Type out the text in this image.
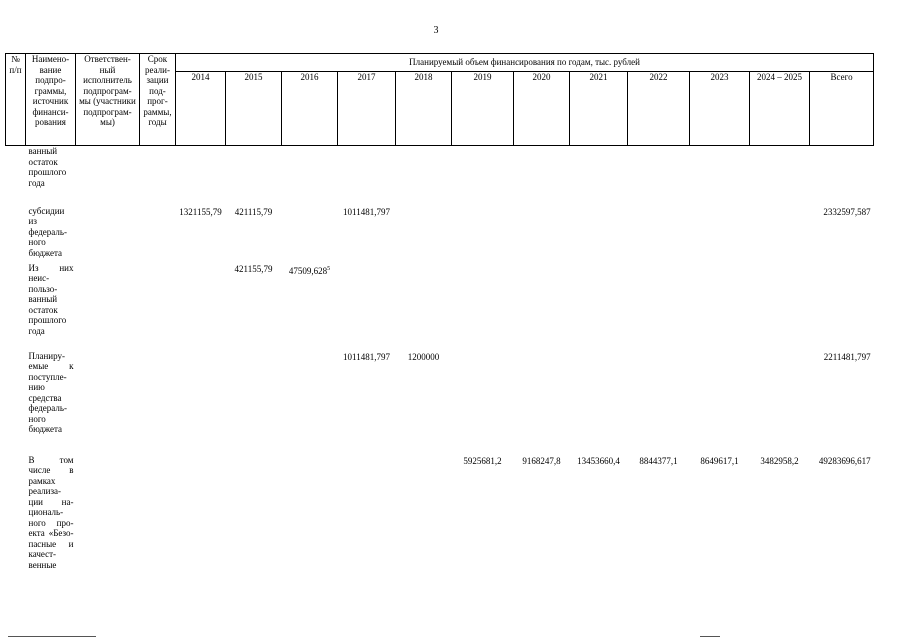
3
№ п/п	Наимено-вание подпро-граммы, источник финанси-рования	Ответствен-ный исполнитель подпрограм-мы (участники подпрограм-мы)	Срок реали-зации под-прог-раммы, годы	Планируемый объем финансирования по годам, тыс. рублей											
				2014	2015	2016	2017	2018	2019	2020	2021	2022	2023	2024 – 2025	Всего
	ванный остаток прошлого года														
	субсидии из федераль-ного бюджета			1321155,79	421115,79		1011481,797								2332597,587
	Из них неис-пользо-ванный остаток прошлого года				421155,79	47509,628$^5$									
	Планиру-емые к поступле-нию средства федераль-ного бюджета						1011481,797	1200000							2211481,797
	В том числе в рамках реализа-ции на-циональ-ного про-екта «Безо-пасные и качест-венные								5925681,2	9168247,8	13453660,4	8844377,1	8649617,1	3482958,2	49283696,617
